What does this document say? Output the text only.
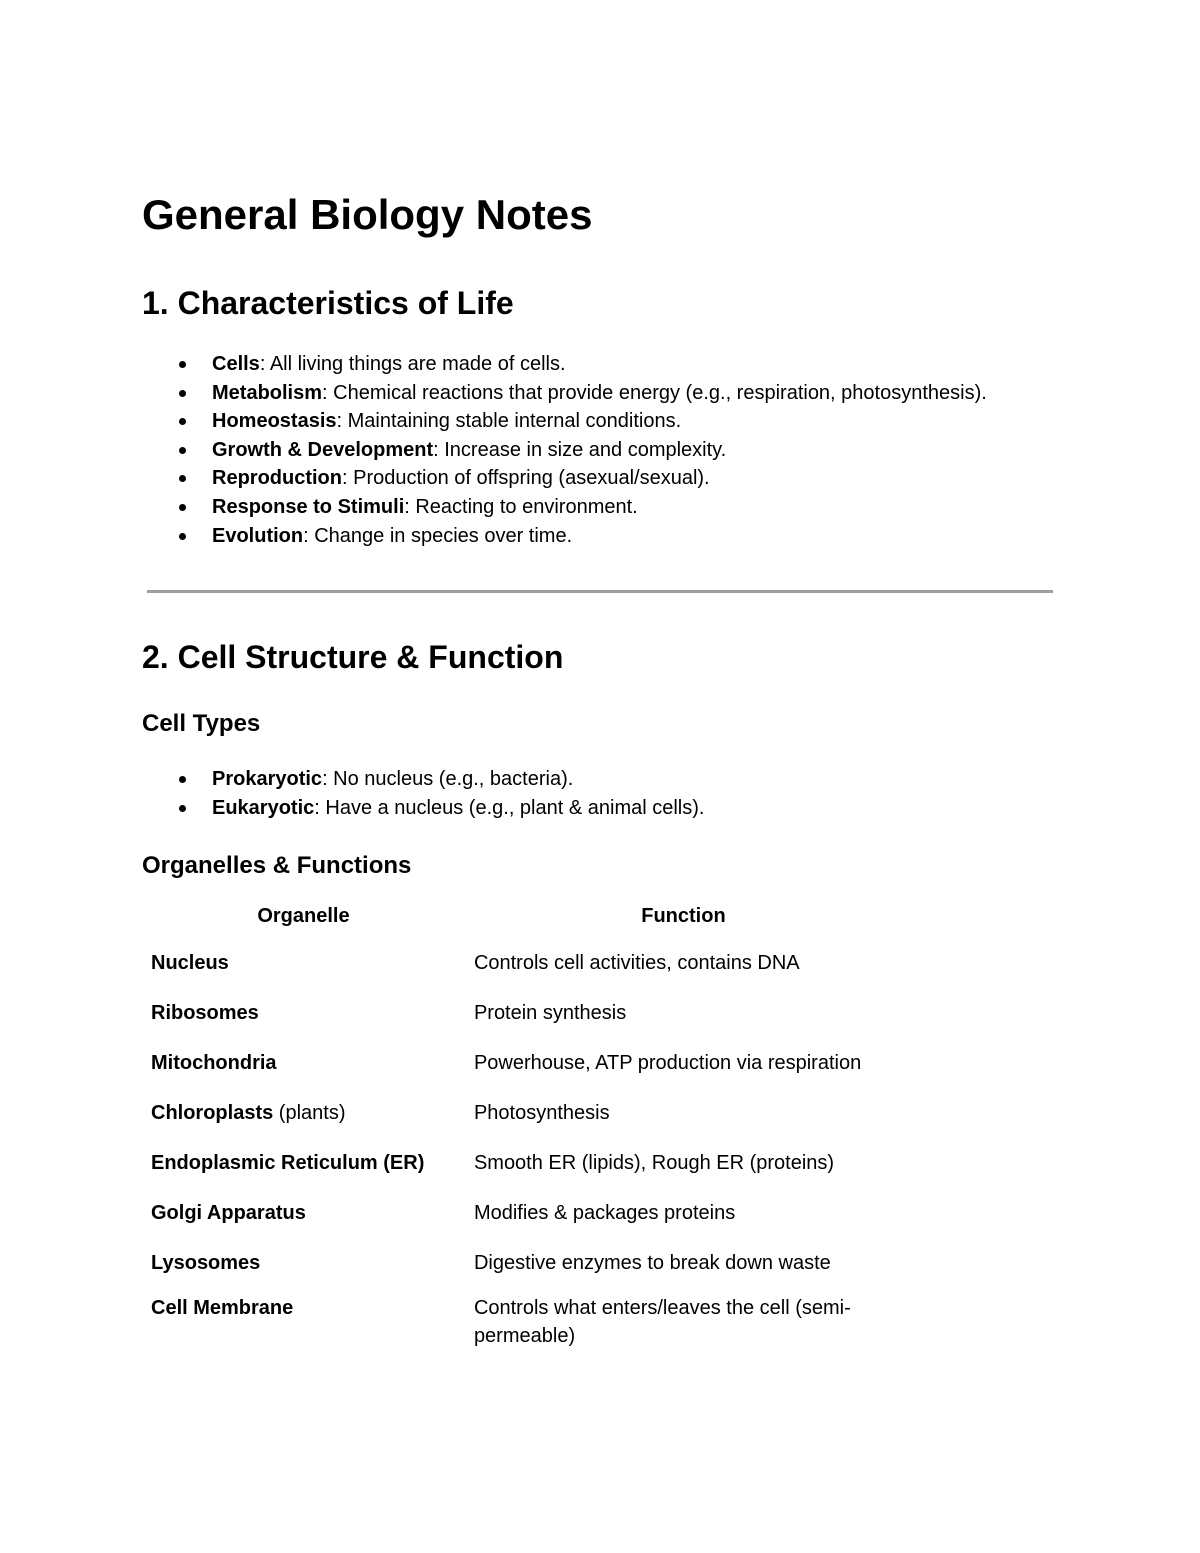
General Biology Notes
1. Characteristics of Life
Cells: All living things are made of cells.
Metabolism: Chemical reactions that provide energy (e.g., respiration, photosynthesis).
Homeostasis: Maintaining stable internal conditions.
Growth & Development: Increase in size and complexity.
Reproduction: Production of offspring (asexual/sexual).
Response to Stimuli: Reacting to environment.
Evolution: Change in species over time.
2. Cell Structure & Function
Cell Types
Prokaryotic: No nucleus (e.g., bacteria).
Eukaryotic: Have a nucleus (e.g., plant & animal cells).
Organelles & Functions
Organelle	Function
Nucleus	Controls cell activities, contains DNA
Ribosomes	Protein synthesis
Mitochondria	Powerhouse, ATP production via respiration
Chloroplasts (plants)	Photosynthesis
Endoplasmic Reticulum (ER)	Smooth ER (lipids), Rough ER (proteins)
Golgi Apparatus	Modifies & packages proteins
Lysosomes	Digestive enzymes to break down waste
Cell Membrane	Controls what enters/leaves the cell (semi-permeable)
